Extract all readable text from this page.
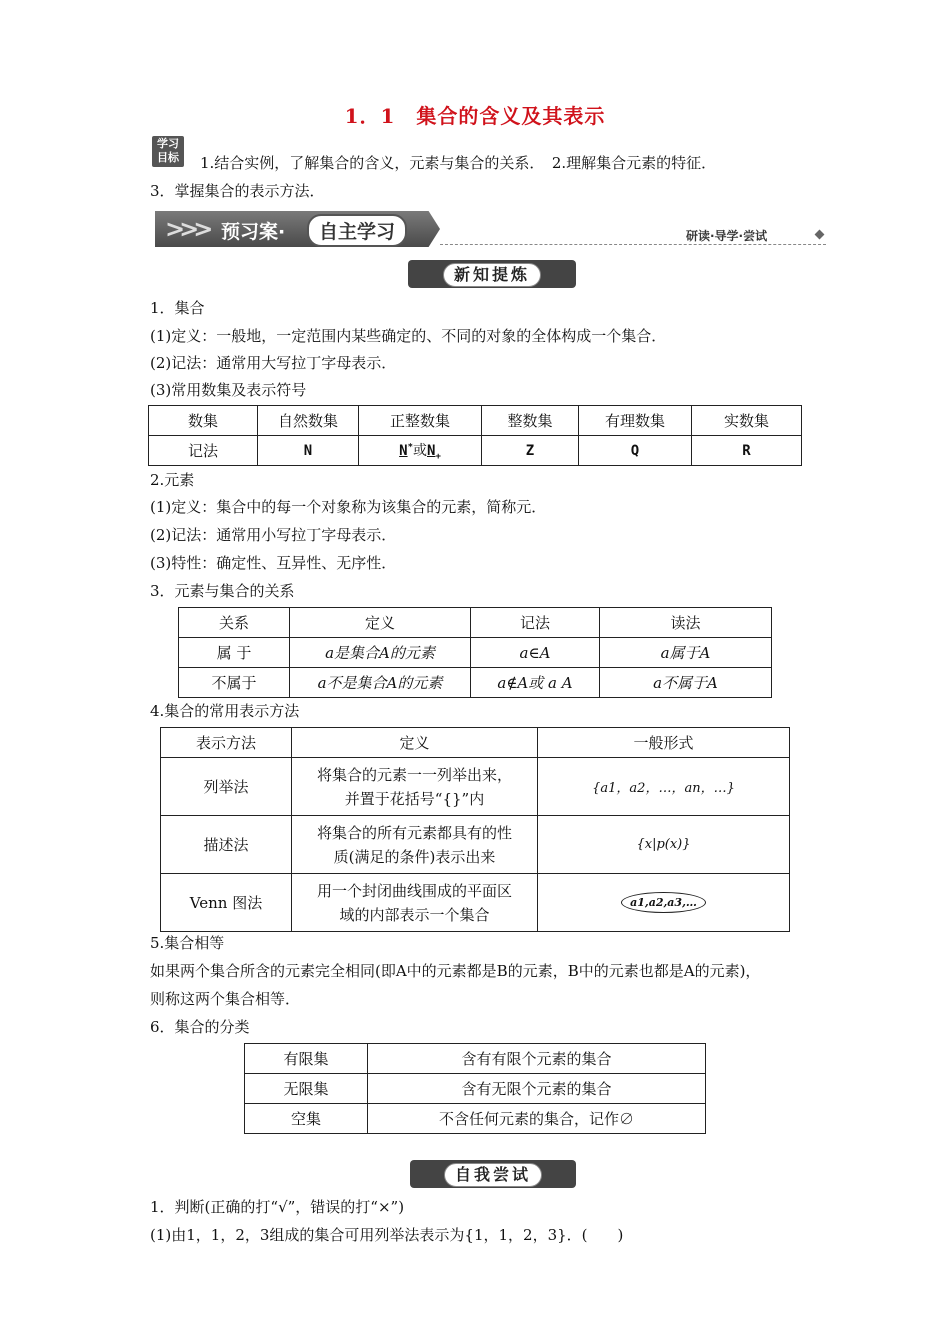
1．1　集合的含义及其表示
学习目标	1.结合实例，了解集合的含义，元素与集合的关系．　2.理解集合元素的特征．
3．掌握集合的表示方法．
>>> 预习案·	自主学习	研读·导学·尝试
新知提炼
1．集合
(1)定义：一般地，一定范围内某些确定的、不同的对象的全体构成一个集合．
(2)记法：通常用大写拉丁字母表示．
(3)常用数集及表示符号
数集	自然数集	正整数集	整数集	有理数集	实数集
记法	N	N*或$N_+$	Z	Q	R
2.元素
(1)定义：集合中的每一个对象称为该集合的元素，简称元．
(2)记法：通常用小写拉丁字母表示．
(3)特性：确定性、互异性、无序性．
3．元素与集合的关系
关系	定义	记法	读法
属 于	a是集合A的元素	a∈A	a属于A
不属于	a不是集合A的元素	a∉A或 a A	a不属于A
4.集合的常用表示方法
表示方法	定义	一般形式
列举法	将集合的元素一一列举出来，
并置于花括号“{}”内	{a1，a2，…，an，…}
描述法	将集合的所有元素都具有的性
质(满足的条件)表示出来	{x|p(x)}
Venn 图法	用一个封闭曲线围成的平面区
域的内部表示一个集合	a1,a2,a3,…
5.集合相等
如果两个集合所含的元素完全相同(即A中的元素都是B的元素，B中的元素也都是A的元素)，
则称这两个集合相等．
6．集合的分类
有限集	含有有限个元素的集合
无限集	含有无限个元素的集合
空集	不含任何元素的集合，记作∅
自我尝试
1．判断(正确的打“√”，错误的打“×”)
(1)由1，1，2，3组成的集合可用列举法表示为{1，1，2，3}．(　　)
